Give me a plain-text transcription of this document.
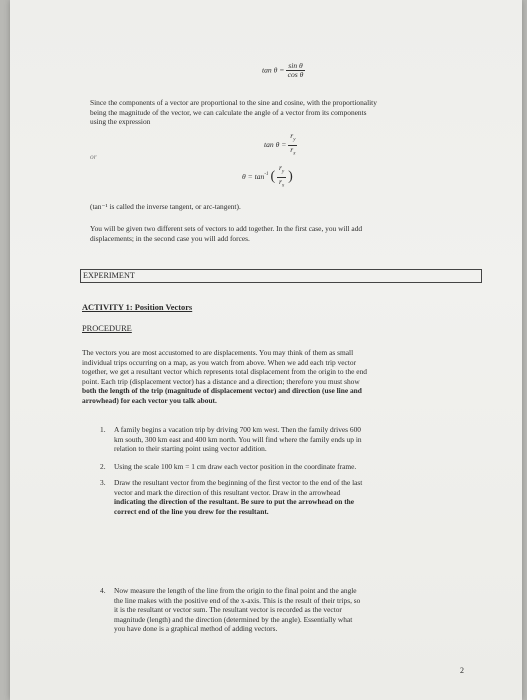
$\tan \theta = \frac{\text{sin θ}}{\text{cos θ}}$
Since the components of a vector are proportional to the sine and cosine, with the proportionality
being the magnitude of the vector, we can calculate the angle of a vector from its components
using the expression
$\tan \theta = \frac{r_y}{r_x}$
or
$\theta = \tan^{-1}$ ( $\frac{r_y}{r_x}$ )
(tan⁻¹ is called the inverse tangent, or arc-tangent).
You will be given two different sets of vectors to add together. In the first case, you will add
displacements; in the second case you will add forces.
EXPERIMENT
ACTIVITY 1: Position Vectors
PROCEDURE
The vectors you are most accustomed to are displacements. You may think of them as small
individual trips occurring on a map, as you watch from above. When we add each trip vector
together, we get a resultant vector which represents total displacement from the origin to the end
point. Each trip (displacement vector) has a distance and a direction; therefore you must show
both the length of the trip (magnitude of displacement vector) and direction (use line and
arrowhead) for each vector you talk about.
1. A family begins a vacation trip by driving 700 km west. Then the family drives 600
km south, 300 km east and 400 km north. You will find where the family ends up in
relation to their starting point using vector addition.
2. Using the scale 100 km = 1 cm draw each vector position in the coordinate frame.
3. Draw the resultant vector from the beginning of the first vector to the end of the last
vector and mark the direction of this resultant vector. Draw in the arrowhead
indicating the direction of the resultant. Be sure to put the arrowhead on the
correct end of the line you drew for the resultant.
4. Now measure the length of the line from the origin to the final point and the angle
the line makes with the positive end of the x-axis. This is the result of their trips, so
it is the resultant or vector sum. The resultant vector is recorded as the vector
magnitude (length) and the direction (determined by the angle). Essentially what
you have done is a graphical method of adding vectors.
2
